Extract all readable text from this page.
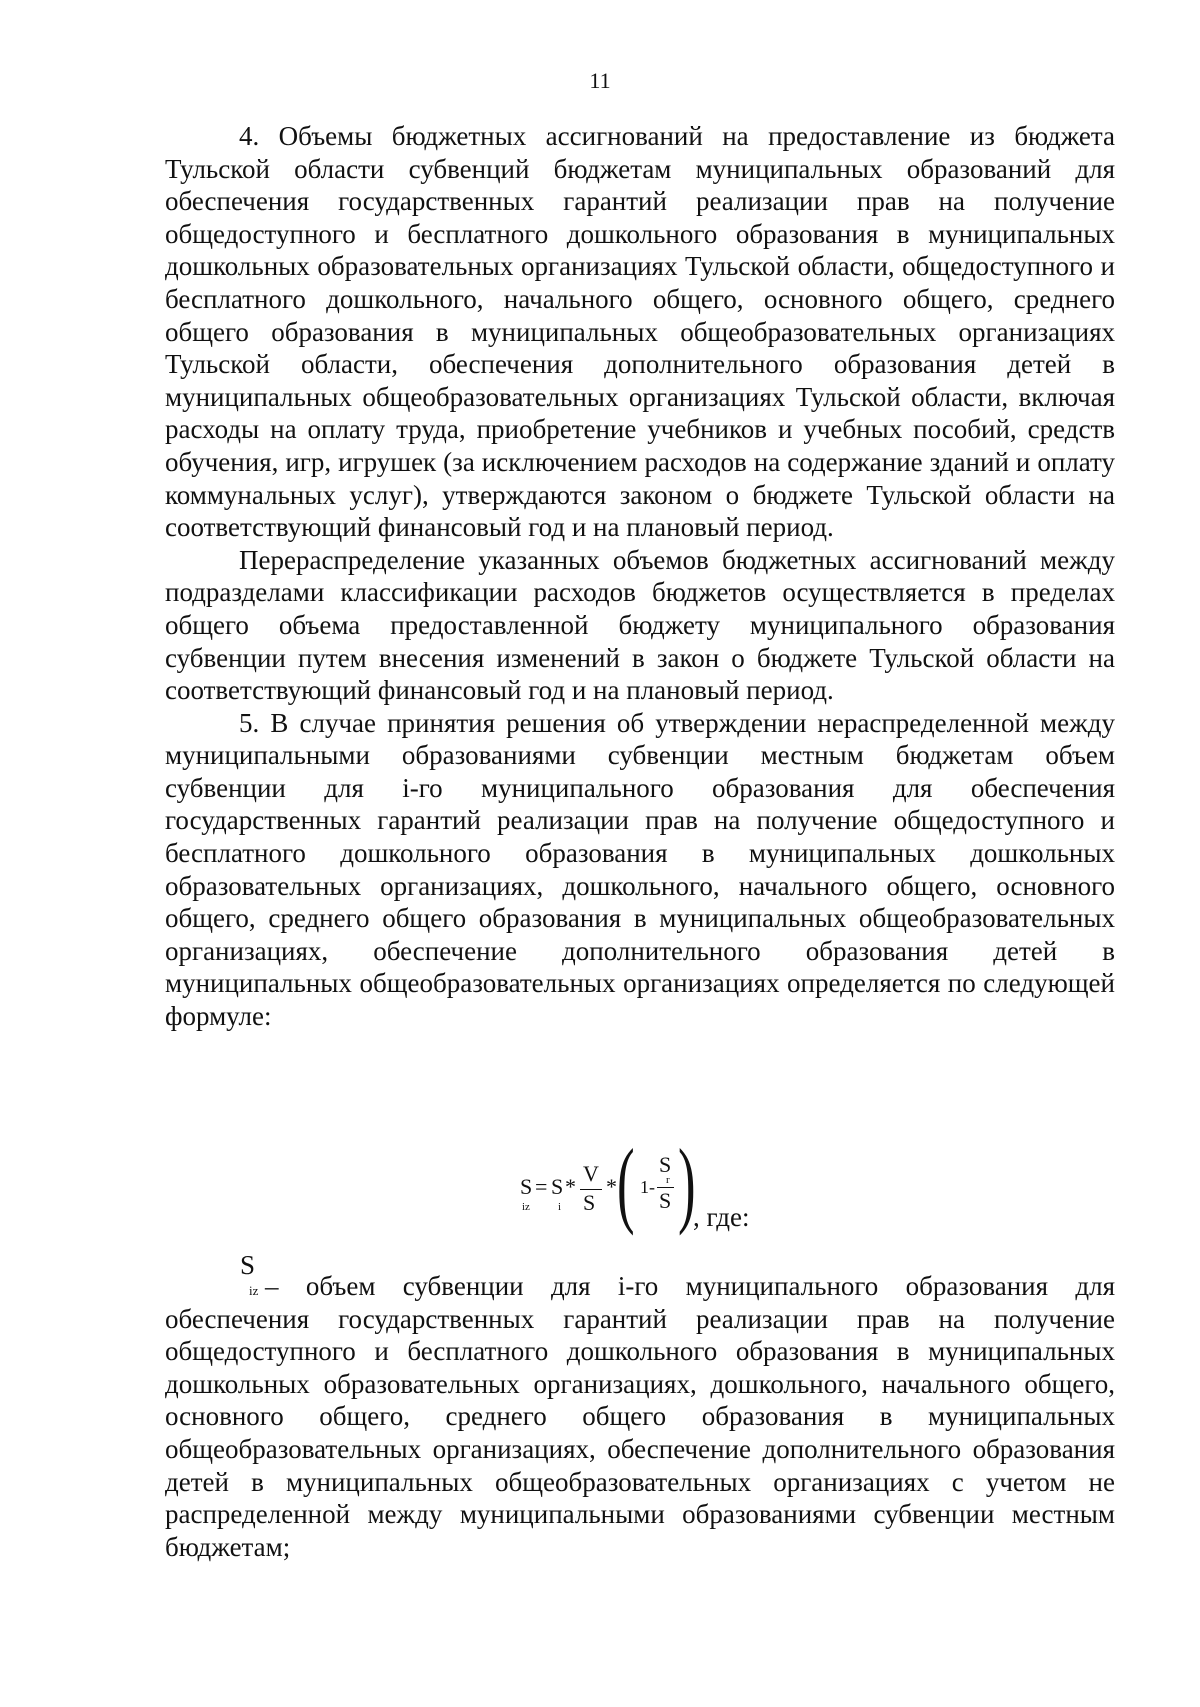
11

4. Объемы бюджетных ассигнований на предоставление из бюджета Тульской области субвенций бюджетам муниципальных образований для обеспечения государственных гарантий реализации прав на получение общедоступного и бесплатного дошкольного образования в муниципальных дошкольных образовательных организациях Тульской области, общедоступного и бесплатного дошкольного, начального общего, основного общего, среднего общего образования в муниципальных общеобразовательных организациях Тульской области, обеспечения дополнительного образования детей в муниципальных общеобразовательных организациях Тульской области, включая расходы на оплату труда, приобретение учебников и учебных пособий, средств обучения, игр, игрушек (за исключением расходов на содержание зданий и оплату коммунальных услуг), утверждаются законом о бюджете Тульской области на соответствующий финансовый год и на плановый период.

Перераспределение указанных объемов бюджетных ассигнований между подразделами классификации расходов бюджетов осуществляется в пределах общего объема предоставленной бюджету муниципального образования субвенции путем внесения изменений в закон о бюджете Тульской области на соответствующий финансовый год и на плановый период.

5. В случае принятия решения об утверждении нераспределенной между муниципальными образованиями субвенции местным бюджетам объем субвенции для i-го муниципального образования для обеспечения государственных гарантий реализации прав на получение общедоступного и бесплатного дошкольного образования в муниципальных дошкольных образовательных организациях, дошкольного, начального общего, основного общего, среднего общего образования в муниципальных общеобразовательных организациях, обеспечение дополнительного образования детей в муниципальных общеобразовательных организациях определяется по следующей формуле:

S
iz
= S
i
*
V
S
* ( 1-
S
r
S )
, где:
S
iz – объем субвенции для i-го муниципального образования для обеспечения государственных гарантий реализации прав на получение общедоступного и бесплатного дошкольного образования в муниципальных дошкольных образовательных организациях, дошкольного, начального общего, основного общего, среднего общего образования в муниципальных общеобразовательных организациях, обеспечение дополнительного образования детей в муниципальных общеобразовательных организациях с учетом не распределенной между муниципальными образованиями субвенции местным бюджетам;
